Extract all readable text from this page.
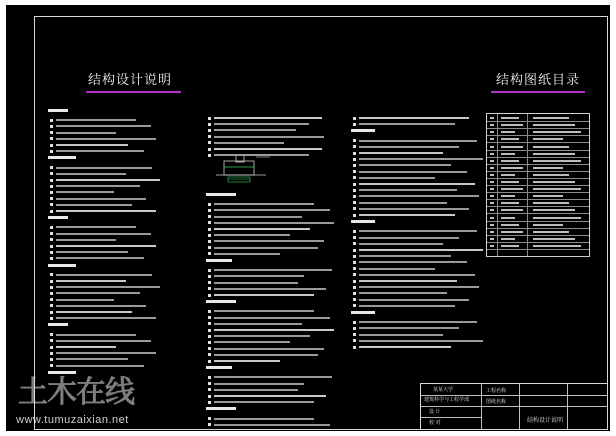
结构设计说明	结构图纸目录
某某大学
建筑科学与工程学部
设 计
校 对
工程名称
图纸名称
结构设计说明
土木在线
www.tumuzaixian.net
